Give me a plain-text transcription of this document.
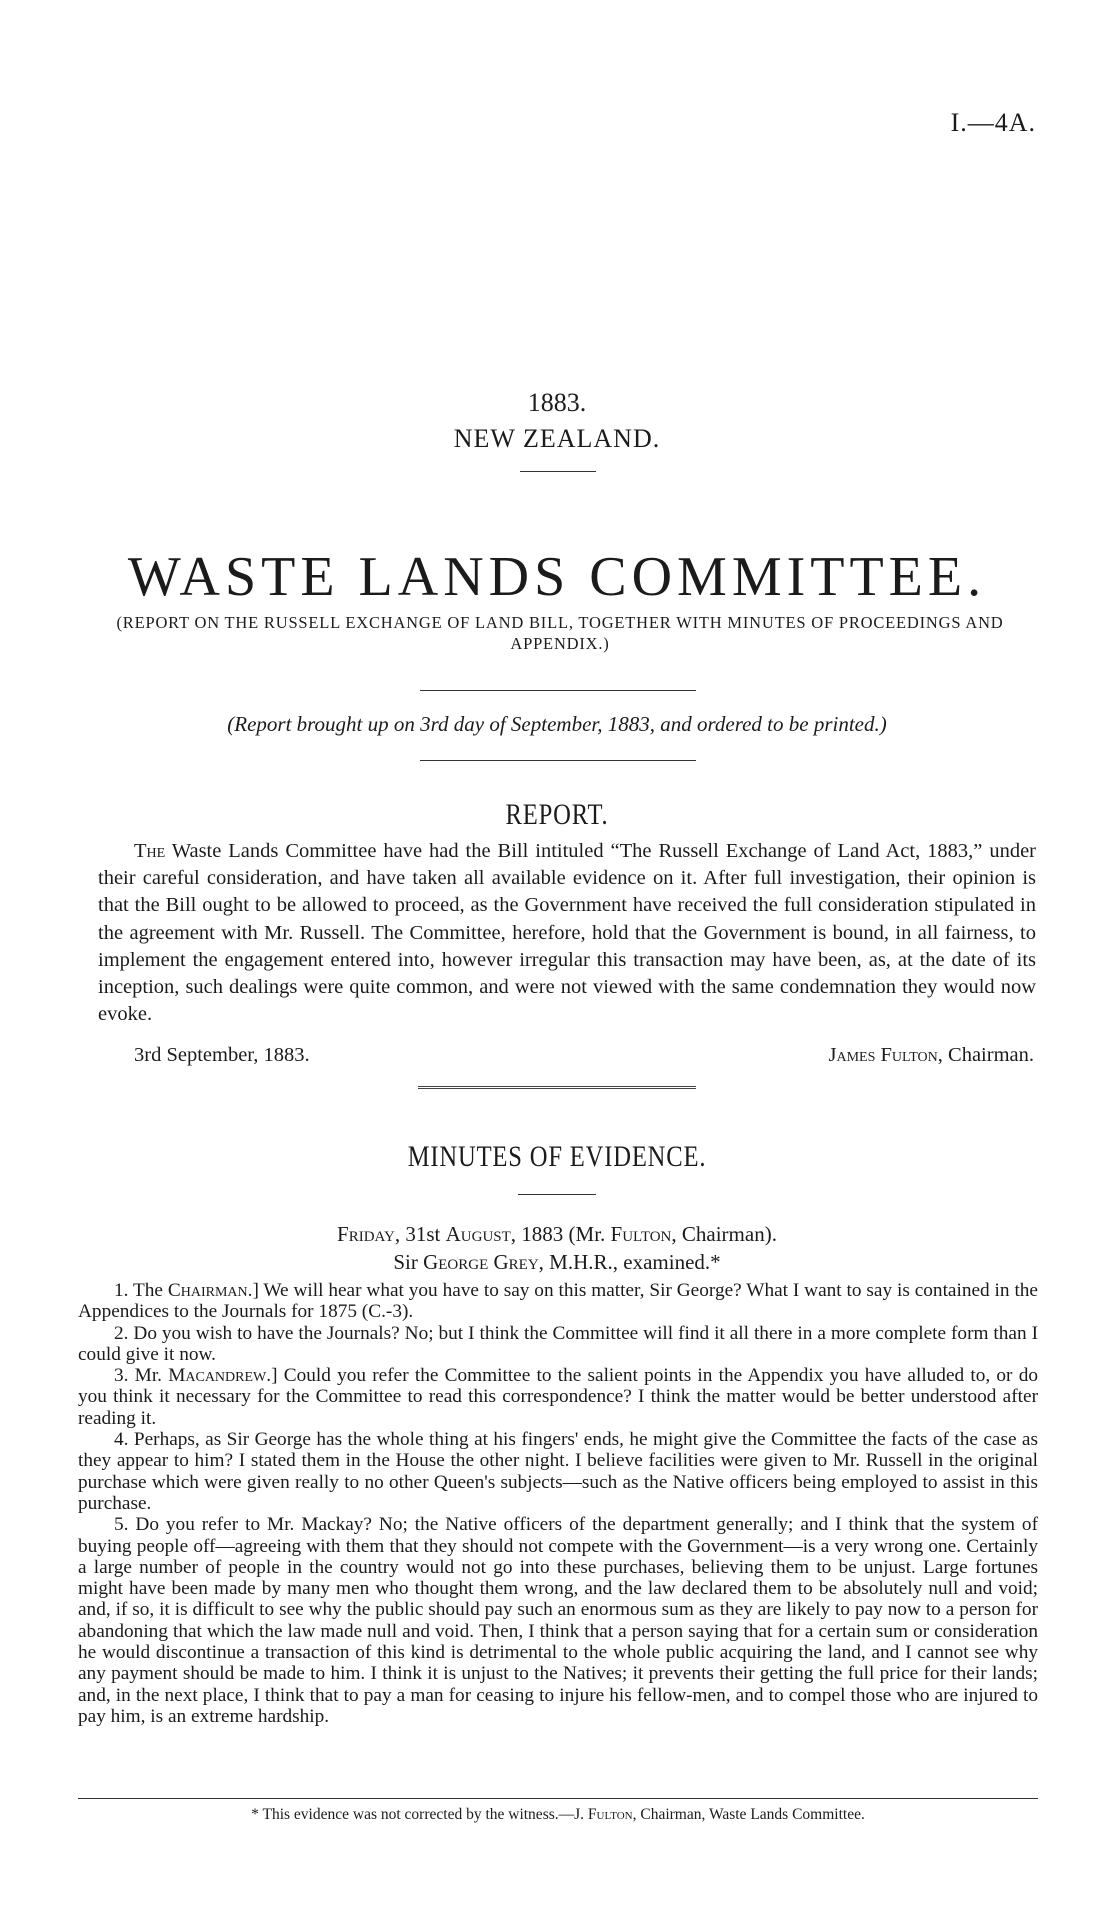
I.—4A.
1883.
NEW ZEALAND.
WASTE LANDS COMMITTEE.
(REPORT ON THE RUSSELL EXCHANGE OF LAND BILL, TOGETHER WITH MINUTES OF PROCEEDINGS AND APPENDIX.)
(Report brought up on 3rd day of September, 1883, and ordered to be printed.)
REPORT.
The Waste Lands Committee have had the Bill intituled “The Russell Exchange of Land Act, 1883,” under their careful consideration, and have taken all available evidence on it. After full investigation, their opinion is that the Bill ought to be allowed to proceed, as the Government have received the full consideration stipulated in the agreement with Mr. Russell. The Committee, herefore, hold that the Government is bound, in all fairness, to implement the engagement entered into, however irregular this transaction may have been, as, at the date of its inception, such dealings were quite common, and were not viewed with the same condemnation they would now evoke.
3rd September, 1883.	James Fulton, Chairman.
MINUTES OF EVIDENCE.
Friday, 31st August, 1883 (Mr. Fulton, Chairman).
Sir George Grey, M.H.R., examined.*

1. The Chairman.] We will hear what you have to say on this matter, Sir George? What I want to say is contained in the Appendices to the Journals for 1875 (C.-3).

2. Do you wish to have the Journals? No; but I think the Committee will find it all there in a more complete form than I could give it now.

3. Mr. Macandrew.] Could you refer the Committee to the salient points in the Appendix you have alluded to, or do you think it necessary for the Committee to read this correspondence? I think the matter would be better understood after reading it.

4. Perhaps, as Sir George has the whole thing at his fingers' ends, he might give the Committee the facts of the case as they appear to him? I stated them in the House the other night. I believe facilities were given to Mr. Russell in the original purchase which were given really to no other Queen's subjects—such as the Native officers being employed to assist in this purchase.

5. Do you refer to Mr. Mackay? No; the Native officers of the department generally; and I think that the system of buying people off—agreeing with them that they should not compete with the Government—is a very wrong one. Certainly a large number of people in the country would not go into these purchases, believing them to be unjust. Large fortunes might have been made by many men who thought them wrong, and the law declared them to be absolutely null and void; and, if so, it is difficult to see why the public should pay such an enormous sum as they are likely to pay now to a person for abandoning that which the law made null and void. Then, I think that a person saying that for a certain sum or consideration he would discontinue a transaction of this kind is detrimental to the whole public acquiring the land, and I cannot see why any payment should be made to him. I think it is unjust to the Natives; it prevents their getting the full price for their lands; and, in the next place, I think that to pay a man for ceasing to injure his fellow-men, and to compel those who are injured to pay him, is an extreme hardship.

* This evidence was not corrected by the witness.—J. Fulton, Chairman, Waste Lands Committee.
